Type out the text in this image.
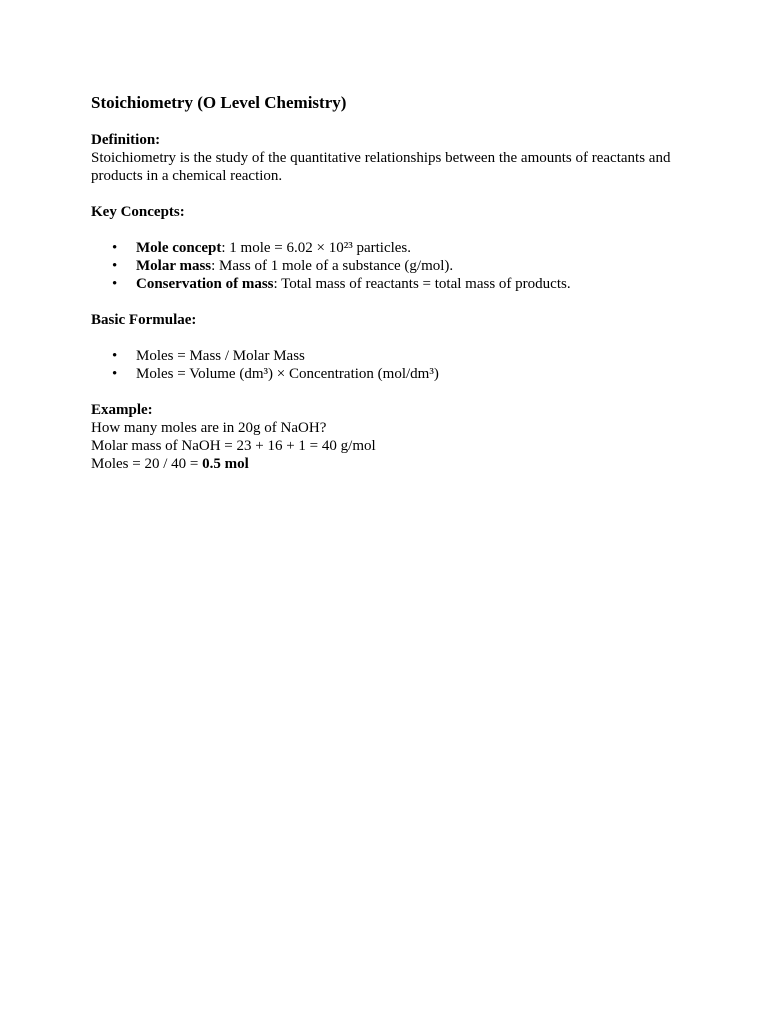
Stoichiometry (O Level Chemistry)

Definition:

Stoichiometry is the study of the quantitative relationships between the amounts of reactants and products in a chemical reaction.

Key Concepts:

• Mole concept: 1 mole = 6.02 × 10²³ particles.
• Molar mass: Mass of 1 mole of a substance (g/mol).
• Conservation of mass: Total mass of reactants = total mass of products.

Basic Formulae:

• Moles = Mass / Molar Mass
• Moles = Volume (dm³) × Concentration (mol/dm³)

Example:

How many moles are in 20g of NaOH?

Molar mass of NaOH = 23 + 16 + 1 = 40 g/mol

Moles = 20 / 40 = 0.5 mol
